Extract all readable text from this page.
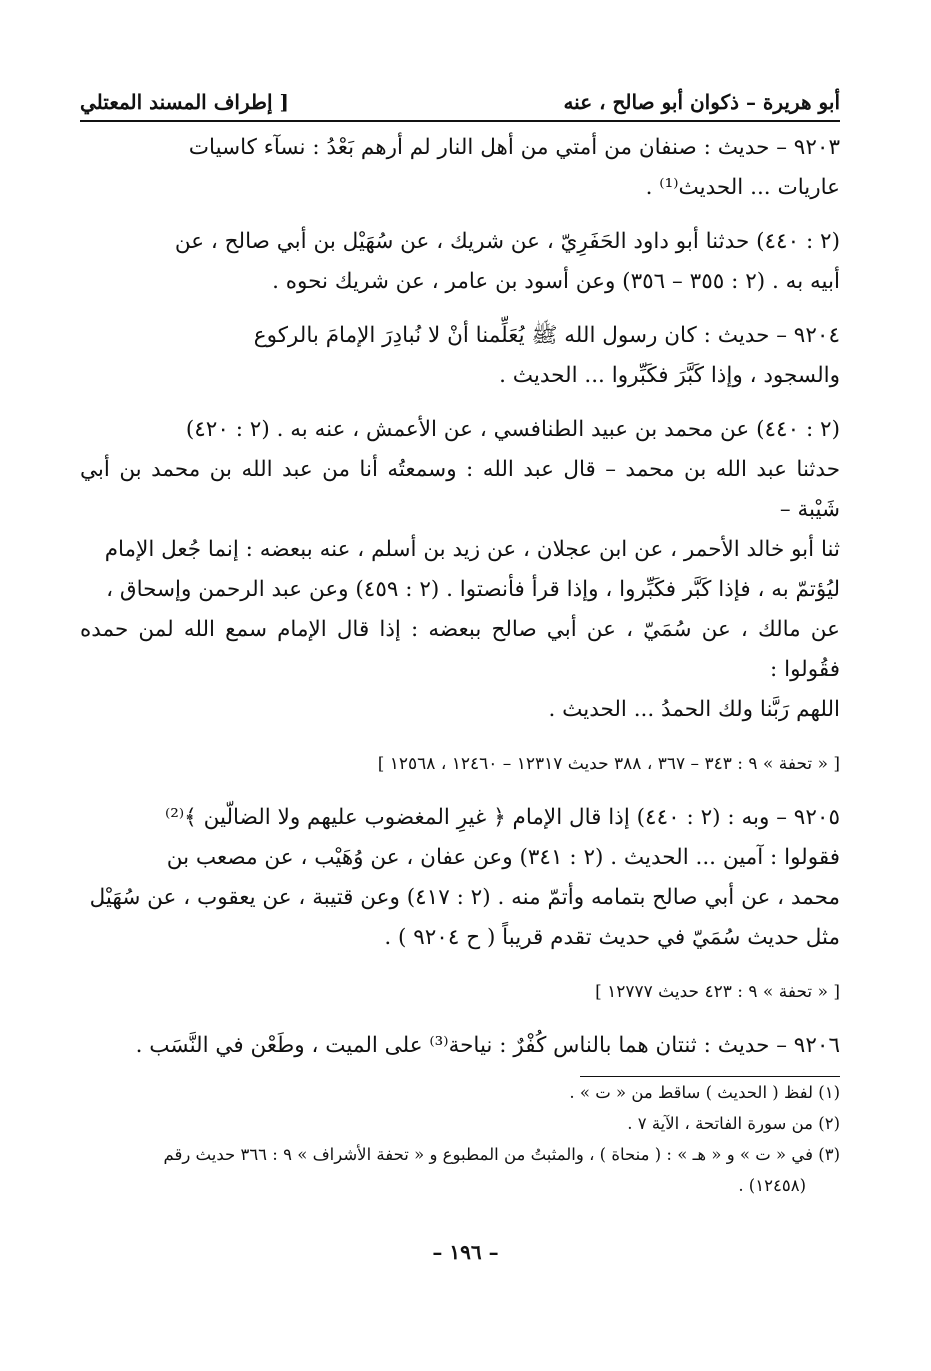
أبو هريرة – ذكوان أبو صالح ، عنه
[ إطراف المسند المعتلي

٩٢٠٣ – حديث : صنفان من أمتي من أهل النار لم أرهم بَعْدُ : نسآء كاسيات

عاريات ... الحديث⁽¹⁾ .

(٢ : ٤٤٠) حدثنا أبو داود الحَفَرِيّ ، عن شريك ، عن سُهَيْل بن أبي صالح ، عن

أبيه به . (٢ : ٣٥٥ – ٣٥٦) وعن أسود بن عامر ، عن شريك نحوه .

٩٢٠٤ – حديث : كان رسول الله ﷺ يُعَلِّمنا أنْ لا نُبادِرَ الإمامَ بالركوع

والسجود ، وإذا كَبَّرَ فكَبِّروا ... الحديث .

(٢ : ٤٤٠) عن محمد بن عبيد الطنافسي ، عن الأعمش ، عنه به . (٢ : ٤٢٠)

حدثنا عبد الله بن محمد – قال عبد الله : وسمعتُه أنا من عبد الله بن محمد بن أبي شَيْبة –

ثنا أبو خالد الأحمر ، عن ابن عجلان ، عن زيد بن أسلم ، عنه ببعضه : إنما جُعل الإمام

ليُؤتمّ به ، فإذا كَبَّر فكَبِّروا ، وإذا قرأ فأنصتوا . (٢ : ٤٥٩) وعن عبد الرحمن وإسحاق ،

عن مالك ، عن سُمَيّ ، عن أبي صالح ببعضه : إذا قال الإمام سمع الله لمن حمده فقُولوا :

اللهم رَبَّنا ولك الحمدُ ... الحديث .

[ « تحفة » ٩ : ٣٤٣ – ٣٦٧ ، ٣٨٨ حديث ١٢٣١٧ – ١٢٤٦٠ ، ١٢٥٦٨ ]

٩٢٠٥ – وبه : (٢ : ٤٤٠) إذا قال الإمام ﴿ غيرِ المغضوب عليهم ولا الضالّين ﴾⁽²⁾

فقولوا : آمين ... الحديث . (٢ : ٣٤١) وعن عفان ، عن وُهَيْب ، عن مصعب بن

محمد ، عن أبي صالح بتمامه وأتمّ منه . (٢ : ٤١٧) وعن قتيبة ، عن يعقوب ، عن سُهَيْل

مثل حديث سُمَيّ في حديث تقدم قريباً ( ح ٩٢٠٤ ) .

[ « تحفة » ٩ : ٤٢٣ حديث ١٢٧٧٧ ]

٩٢٠٦ – حديث : ثنتان هما بالناس كُفْرٌ : نياحة⁽³⁾ على الميت ، وطَعْن في النَّسَب .

(١) لفظ ( الحديث ) ساقط من « ت » .

(٢) من سورة الفاتحة ، الآية ٧ .

(٣) في « ت » و « هـ » : ( منحاة ) ، والمثبتُ من المطبوع و « تحفة الأشراف » ٩ : ٣٦٦ حديث رقم

(١٢٤٥٨) .

– ١٩٦ –
